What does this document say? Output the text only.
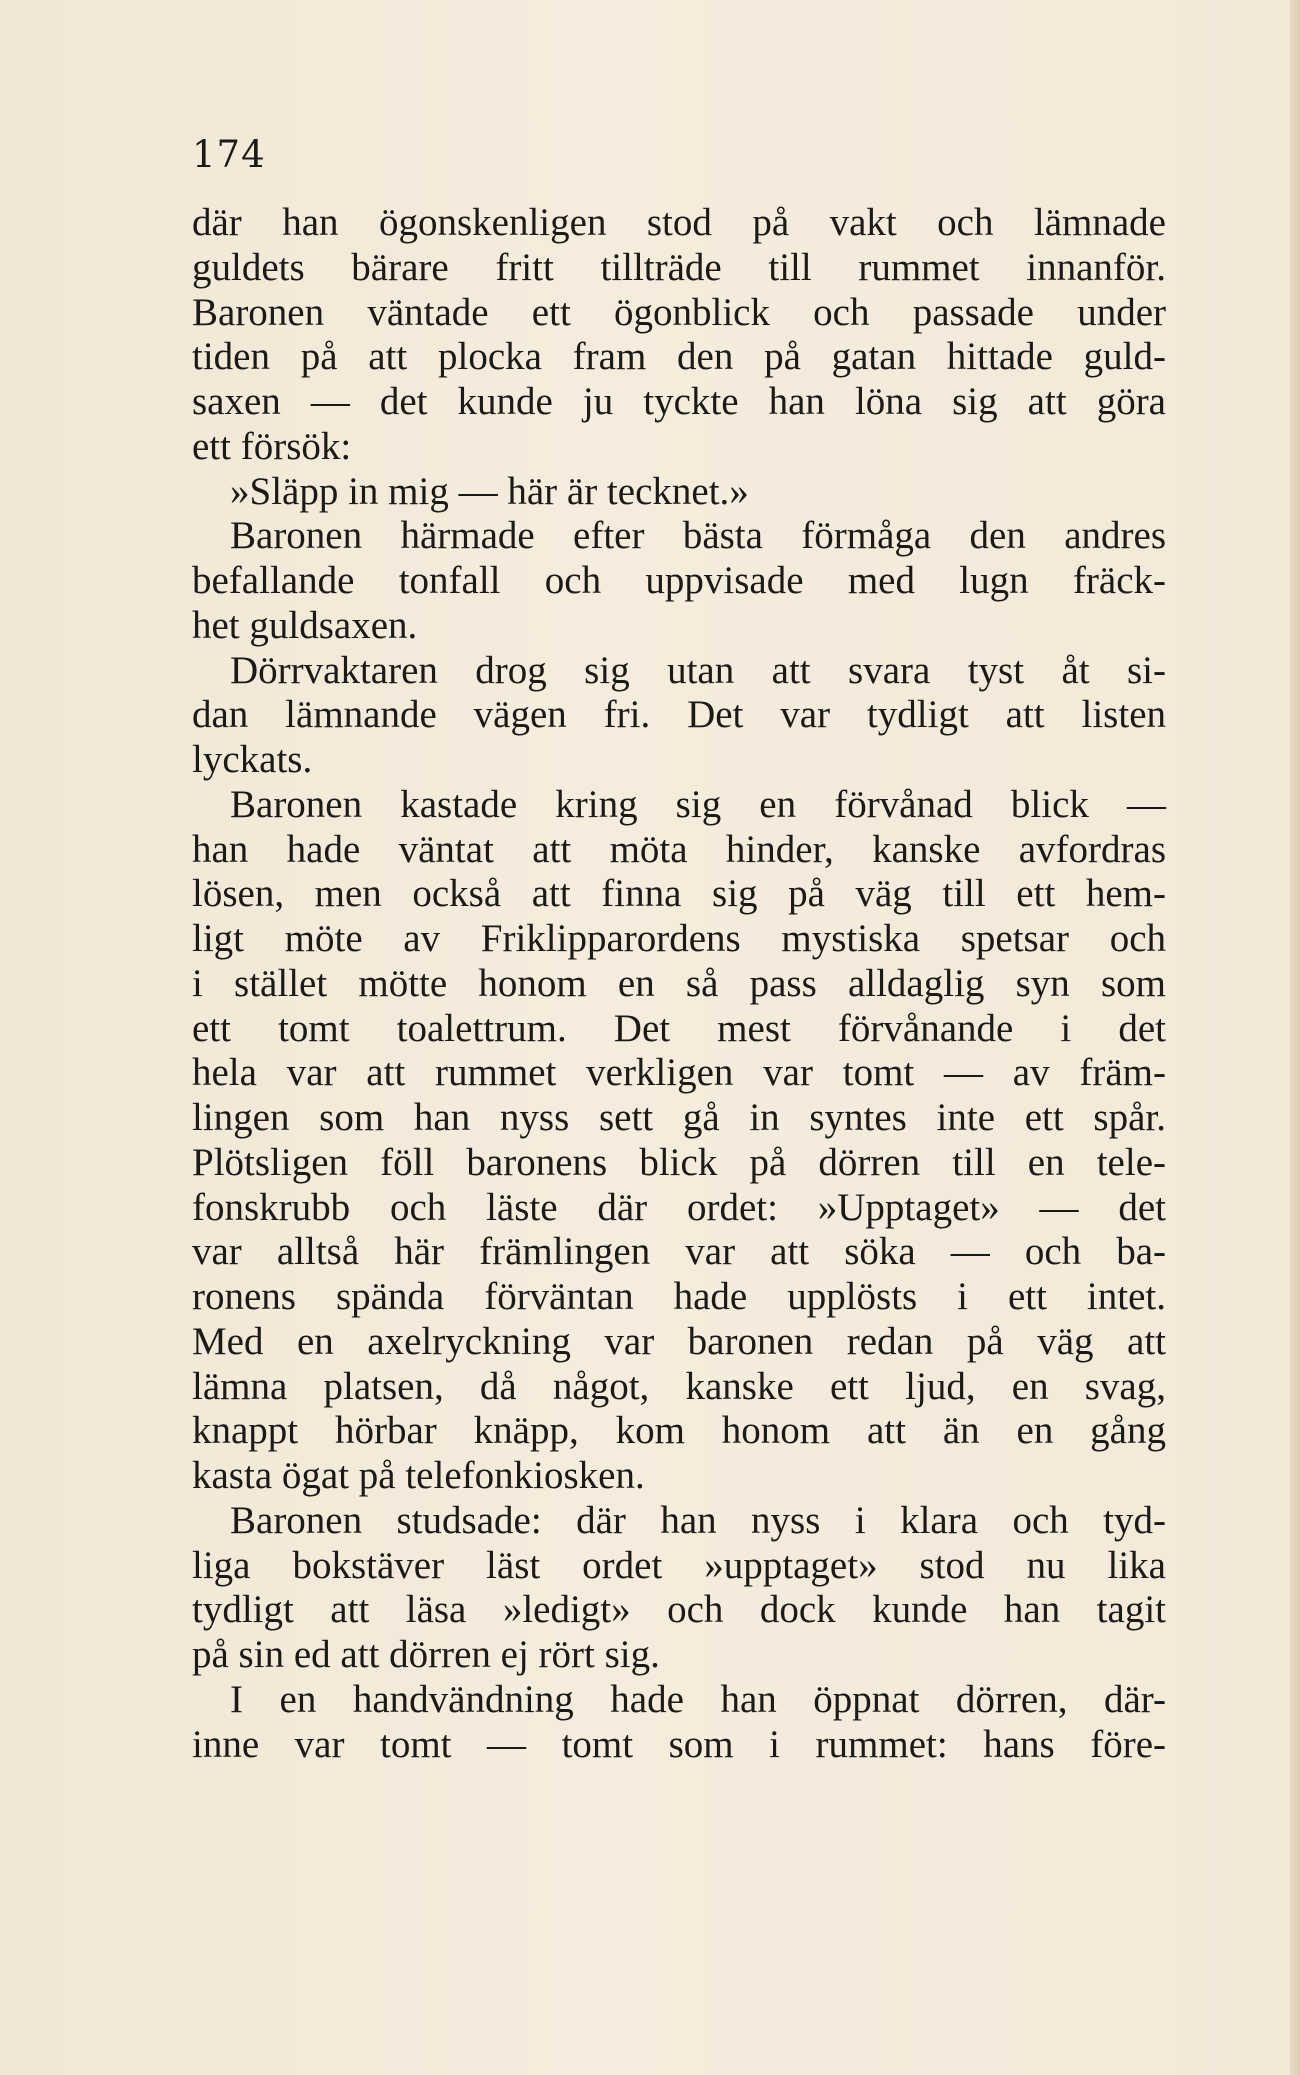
174
där han ögonskenligen stod på vakt och lämnade
guldets bärare fritt tillträde till rummet innanför.
Baronen väntade ett ögonblick och passade under
tiden på att plocka fram den på gatan hittade guld-
saxen — det kunde ju tyckte han löna sig att göra
ett försök:
»Släpp in mig — här är tecknet.»
Baronen härmade efter bästa förmåga den andres
befallande tonfall och uppvisade med lugn fräck-
het guldsaxen.
Dörrvaktaren drog sig utan att svara tyst åt si-
dan lämnande vägen fri. Det var tydligt att listen
lyckats.
Baronen kastade kring sig en förvånad blick —
han hade väntat att möta hinder, kanske avfordras
lösen, men också att finna sig på väg till ett hem-
ligt möte av Friklipparordens mystiska spetsar och
i stället mötte honom en så pass alldaglig syn som
ett tomt toalettrum. Det mest förvånande i det
hela var att rummet verkligen var tomt — av främ-
lingen som han nyss sett gå in syntes inte ett spår.
Plötsligen föll baronens blick på dörren till en tele-
fonskrubb och läste där ordet: »Upptaget» — det
var alltså här främlingen var att söka — och ba-
ronens spända förväntan hade upplösts i ett intet.
Med en axelryckning var baronen redan på väg att
lämna platsen, då något, kanske ett ljud, en svag,
knappt hörbar knäpp, kom honom att än en gång
kasta ögat på telefonkiosken.
Baronen studsade: där han nyss i klara och tyd-
liga bokstäver läst ordet »upptaget» stod nu lika
tydligt att läsa »ledigt» och dock kunde han tagit
på sin ed att dörren ej rört sig.
I en handvändning hade han öppnat dörren, där-
inne var tomt — tomt som i rummet: hans före-
